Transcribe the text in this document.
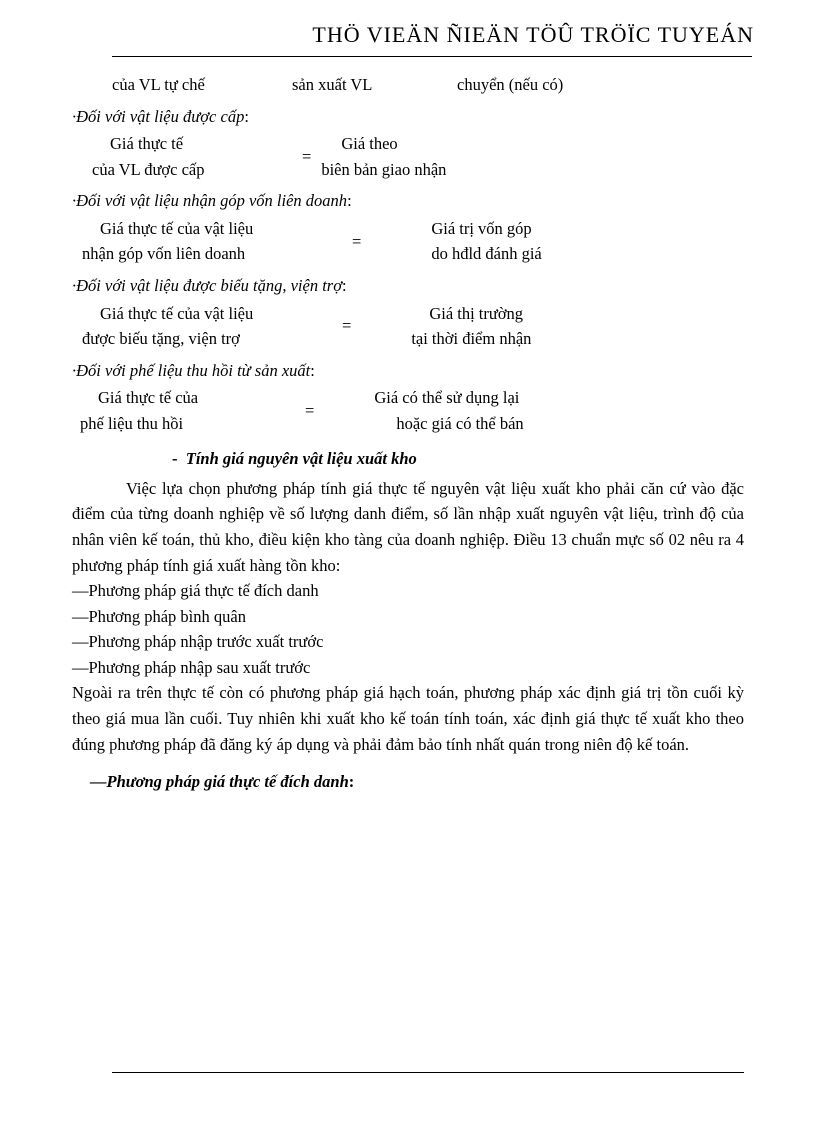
THÖ VIEÄN ÑIEÄN TÖÛ TRÖÏC TUYEÁN
của VL tự chế	sản xuất VL	chuyển (nếu có)
·Đối với vật liệu được cấp:
Giá thực tế
của VL được cấp
=
Giá theo
biên bản giao nhận
·Đối với vật liệu nhận góp vốn liên doanh:
Giá thực tế của vật liệu
nhận góp vốn liên doanh
=
Giá trị vốn góp
do hđld đánh giá
·Đối với vật liệu được biếu tặng, viện trợ:
Giá thực tế của vật liệu
được biếu tặng, viện trợ
=
Giá thị trường
tại thời điểm nhận
·Đối với phế liệu thu hồi từ sản xuất:
Giá thực tế của
phế liệu thu hồi
=
Giá có thể sử dụng lại
hoặc giá có thể bán
- Tính giá nguyên vật liệu xuất kho

Việc lựa chọn phương pháp tính giá thực tế nguyên vật liệu xuất kho phải căn cứ vào đặc điểm của từng doanh nghiệp về số lượng danh điểm, số lần nhập xuất nguyên vật liệu, trình độ của nhân viên kế toán, thủ kho, điều kiện kho tàng của doanh nghiệp. Điều 13 chuẩn mực số 02 nêu ra 4 phương pháp tính giá xuất hàng tồn kho:

—Phương pháp giá thực tế đích danh

—Phương pháp bình quân

—Phương pháp nhập trước xuất trước

—Phương pháp nhập sau xuất trước

Ngoài ra trên thực tế còn có phương pháp giá hạch toán, phương pháp xác định giá trị tồn cuối kỳ theo giá mua lần cuối. Tuy nhiên khi xuất kho kế toán tính toán, xác định giá thực tế xuất kho theo đúng phương pháp đã đăng ký áp dụng và phải đảm bảo tính nhất quán trong niên độ kế toán.

—Phương pháp giá thực tế đích danh:
